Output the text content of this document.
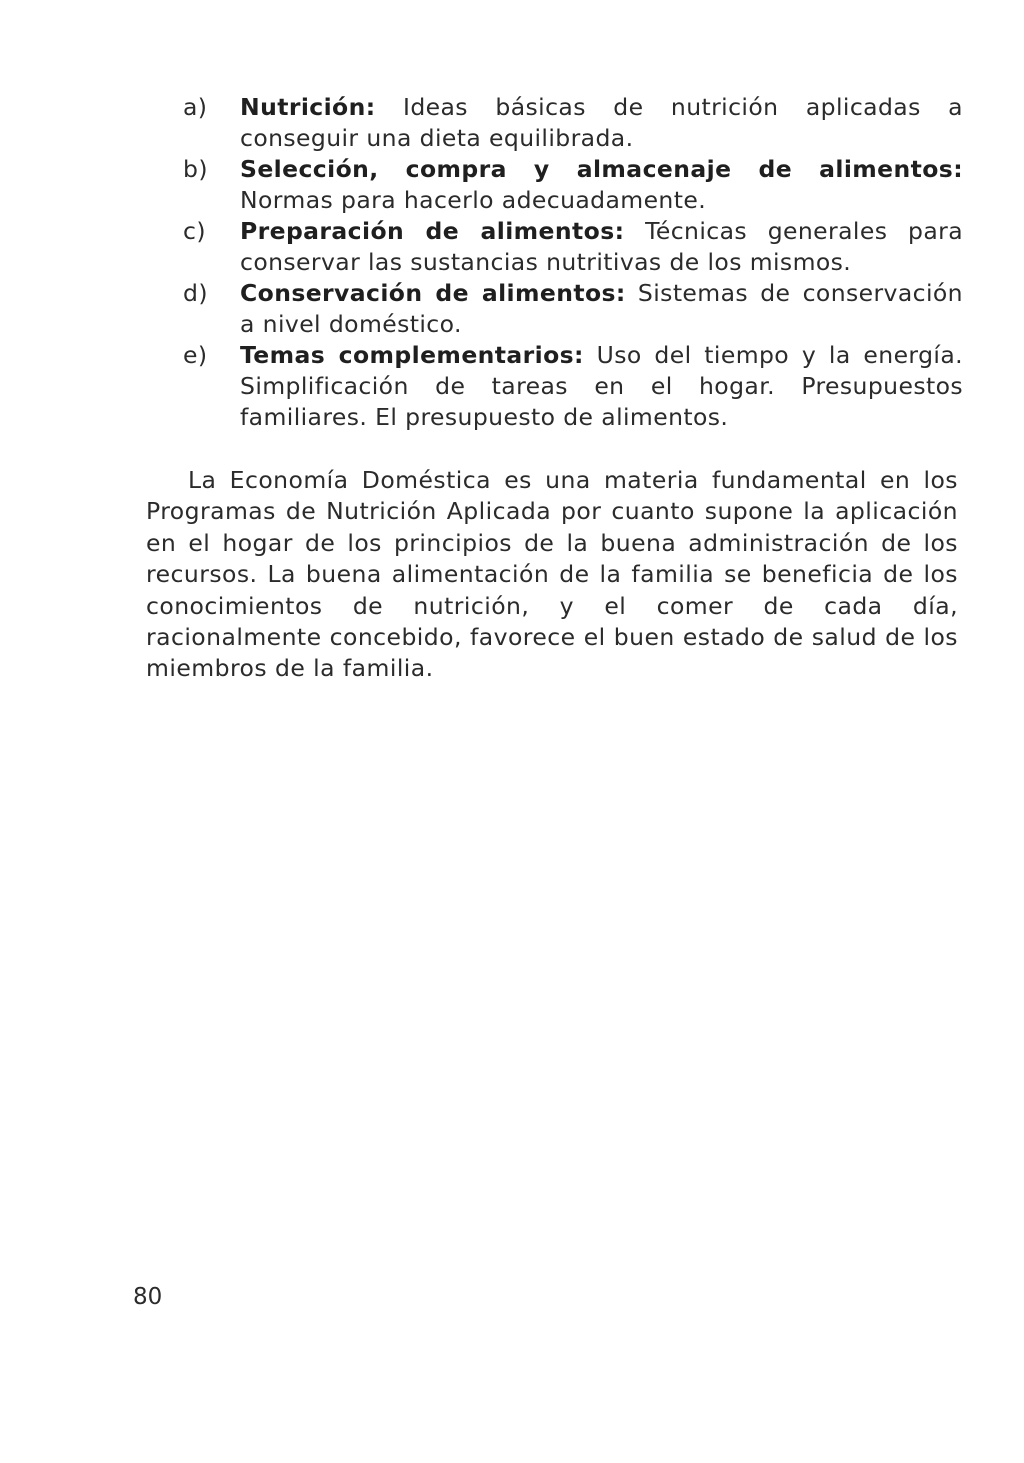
a) Nutrición: Ideas básicas de nutrición aplicadas a conseguir una dieta equilibrada.
b) Selección, compra y almacenaje de alimentos: Normas para hacerlo adecuadamente.
c) Preparación de alimentos: Técnicas generales para conservar las sustancias nutritivas de los mismos.
d) Conservación de alimentos: Sistemas de conservación a nivel doméstico.
e) Temas complementarios: Uso del tiempo y la energía. Simplificación de tareas en el hogar. Presupuestos familiares. El presupuesto de alimentos.

La Economía Doméstica es una materia fundamental en los Programas de Nutrición Aplicada por cuanto supone la aplicación en el hogar de los principios de la buena administración de los recursos. La buena alimentación de la familia se beneficia de los conocimientos de nutrición, y el comer de cada día, racionalmente concebido, favorece el buen estado de salud de los miembros de la familia.

80
